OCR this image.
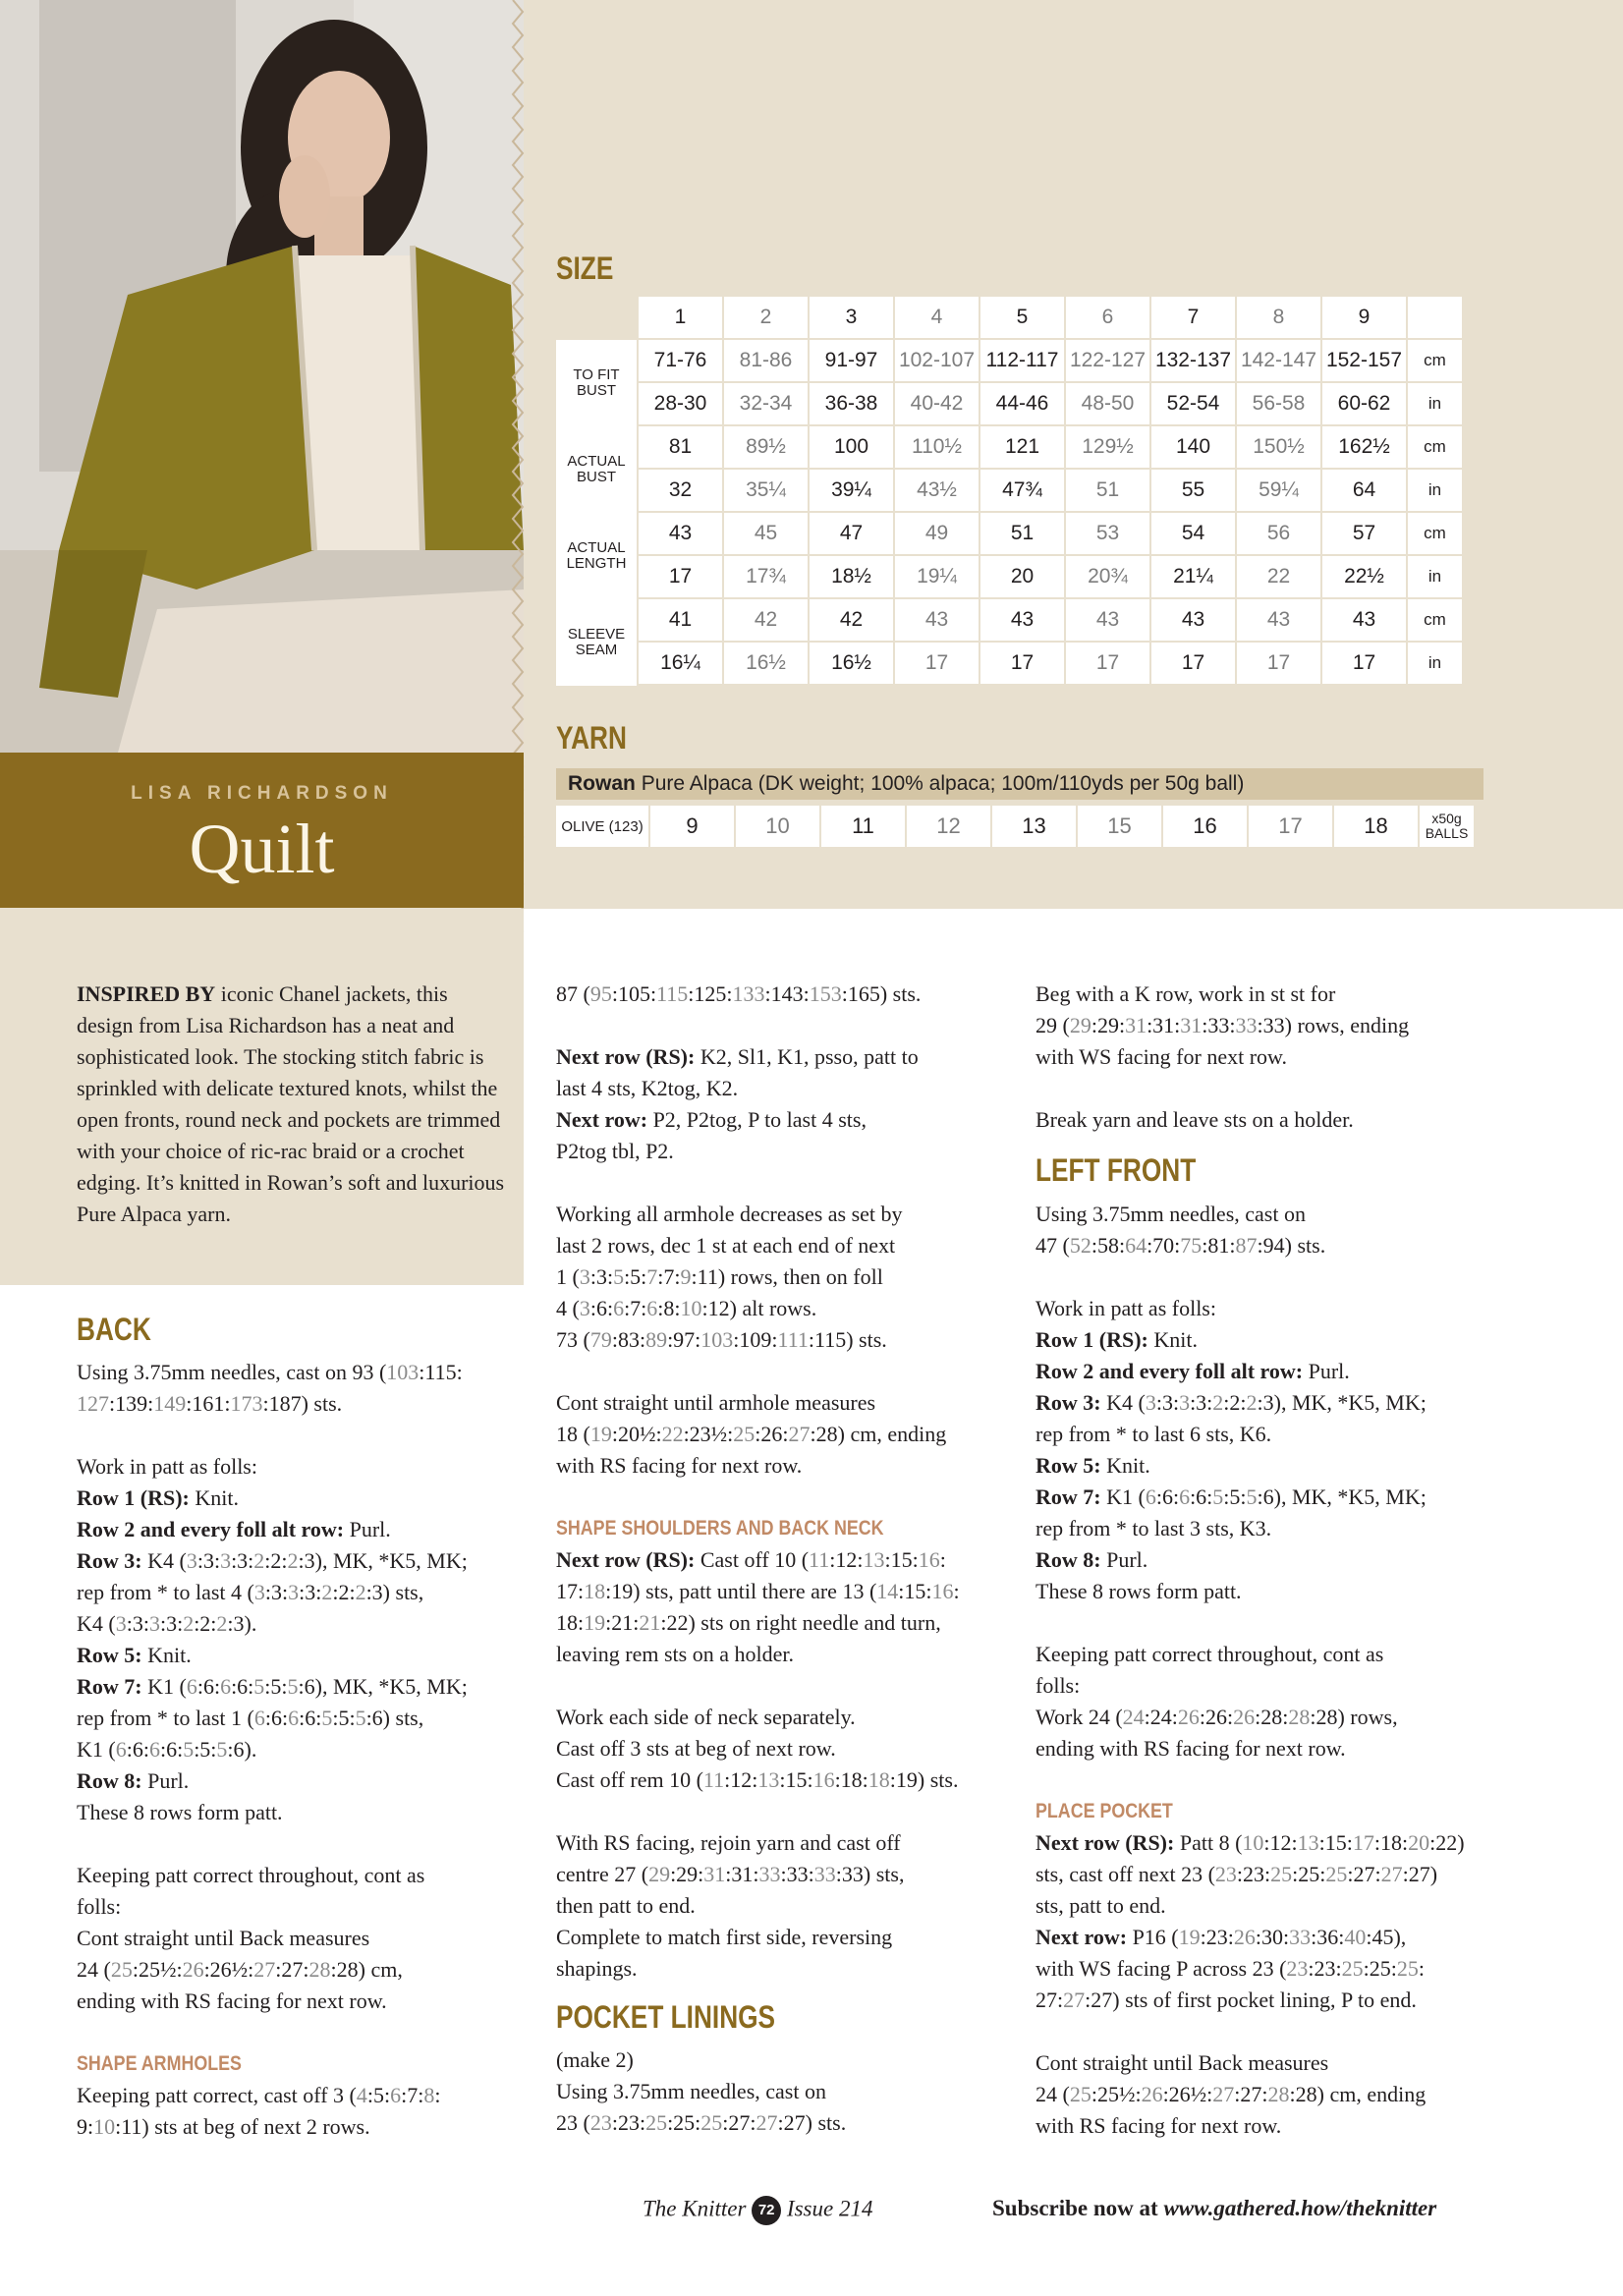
LISA RICHARDSON
Quilt
SIZE
	1	2	3	4	5	6	7	8	9	
TO FIT BUST	71-76	81-86	91-97	102-107	112-117	122-127	132-137	142-147	152-157	cm
	28-30	32-34	36-38	40-42	44-46	48-50	52-54	56-58	60-62	in
ACTUAL BUST	81	89½	100	110½	121	129½	140	150½	162½	cm
	32	35¼	39¼	43½	47¾	51	55	59¼	64	in
ACTUAL LENGTH	43	45	47	49	51	53	54	56	57	cm
	17	17¾	18½	19¼	20	20¾	21¼	22	22½	in
SLEEVE SEAM	41	42	42	43	43	43	43	43	43	cm
	16¼	16½	16½	17	17	17	17	17	17	in
YARN
Rowan Pure Alpaca (DK weight; 100% alpaca; 100m/110yds per 50g ball)
OLIVE (123)	9	10	11	12	13	15	16	17	18	x50g
BALLS
INSPIRED BY iconic Chanel jackets, this design from Lisa Richardson has a neat and sophisticated look. The stocking stitch fabric is sprinkled with delicate textured knots, whilst the open fronts, round neck and pockets are trimmed with your choice of ric-rac braid or a crochet edging. It’s knitted in Rowan’s soft and luxurious Pure Alpaca yarn.
BACK

Using 3.75mm needles, cast on 93 (103:115:
127:139:149:161:173:187) sts.

Work in patt as folls:
Row 1 (RS): Knit.
Row 2 and every foll alt row: Purl.
Row 3: K4 (3:3:3:3:2:2:2:3), MK, *K5, MK;
rep from * to last 4 (3:3:3:3:2:2:2:3) sts,
K4 (3:3:3:3:2:2:2:3).
Row 5: Knit.
Row 7: K1 (6:6:6:6:5:5:5:6), MK, *K5, MK;
rep from * to last 1 (6:6:6:6:5:5:5:6) sts,
K1 (6:6:6:6:5:5:5:6).
Row 8: Purl.
These 8 rows form patt.

Keeping patt correct throughout, cont as
folls:
Cont straight until Back measures
24 (25:25½:26:26½:27:27:28:28) cm,
ending with RS facing for next row.

SHAPE ARMHOLES

Keeping patt correct, cast off 3 (4:5:6:7:8:
9:10:11) sts at beg of next 2 rows.

87 (95:105:115:125:133:143:153:165) sts.

Next row (RS): K2, Sl1, K1, psso, patt to
last 4 sts, K2tog, K2.
Next row: P2, P2tog, P to last 4 sts,
P2tog tbl, P2.

Working all armhole decreases as set by
last 2 rows, dec 1 st at each end of next
1 (3:3:5:5:7:7:9:11) rows, then on foll
4 (3:6:6:7:6:8:10:12) alt rows.
73 (79:83:89:97:103:109:111:115) sts.

Cont straight until armhole measures
18 (19:20½:22:23½:25:26:27:28) cm, ending
with RS facing for next row.

SHAPE SHOULDERS AND BACK NECK

Next row (RS): Cast off 10 (11:12:13:15:16:
17:18:19) sts, patt until there are 13 (14:15:16:
18:19:21:21:22) sts on right needle and turn,
leaving rem sts on a holder.

Work each side of neck separately.
Cast off 3 sts at beg of next row.
Cast off rem 10 (11:12:13:15:16:18:18:19) sts.

With RS facing, rejoin yarn and cast off
centre 27 (29:29:31:31:33:33:33:33) sts,
then patt to end.
Complete to match first side, reversing
shapings.

POCKET LININGS

(make 2)
Using 3.75mm needles, cast on
23 (23:23:25:25:25:27:27:27) sts.

Beg with a K row, work in st st for
29 (29:29:31:31:31:33:33:33) rows, ending
with WS facing for next row.

Break yarn and leave sts on a holder.

LEFT FRONT

Using 3.75mm needles, cast on
47 (52:58:64:70:75:81:87:94) sts.

Work in patt as folls:
Row 1 (RS): Knit.
Row 2 and every foll alt row: Purl.
Row 3: K4 (3:3:3:3:2:2:2:3), MK, *K5, MK;
rep from * to last 6 sts, K6.
Row 5: Knit.
Row 7: K1 (6:6:6:6:5:5:5:6), MK, *K5, MK;
rep from * to last 3 sts, K3.
Row 8: Purl.
These 8 rows form patt.

Keeping patt correct throughout, cont as
folls:
Work 24 (24:24:26:26:26:28:28:28) rows,
ending with RS facing for next row.

PLACE POCKET

Next row (RS): Patt 8 (10:12:13:15:17:18:20:22)
sts, cast off next 23 (23:23:25:25:25:27:27:27)
sts, patt to end.
Next row: P16 (19:23:26:30:33:36:40:45),
with WS facing P across 23 (23:23:25:25:25:
27:27:27) sts of first pocket lining, P to end.

Cont straight until Back measures
24 (25:25½:26:26½:27:27:28:28) cm, ending
with RS facing for next row.

The Knitter 72 Issue 214	Subscribe now at www.gathered.how/theknitter
